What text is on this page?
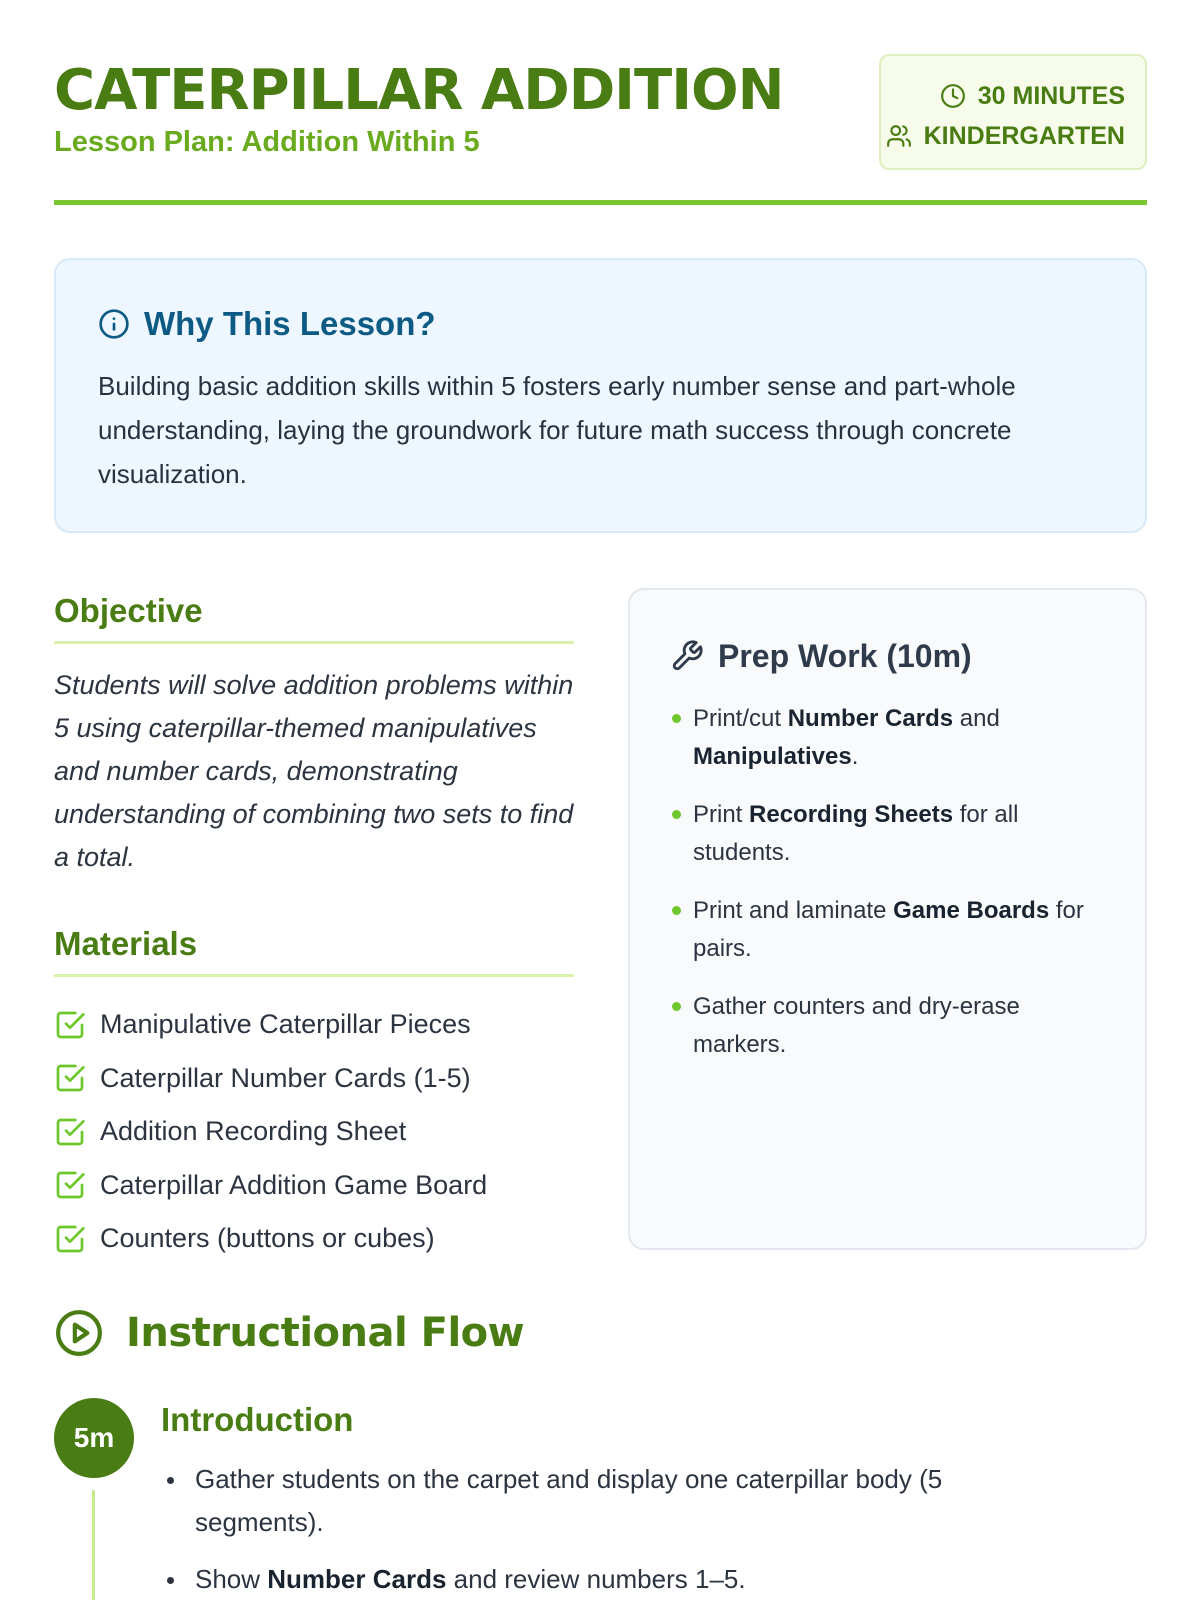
CATERPILLAR ADDITION
Lesson Plan: Addition Within 5
30 MINUTES
KINDERGARTEN
Why This Lesson?

Building basic addition skills within 5 fosters early number sense and part-whole understanding, laying the groundwork for future math success through concrete visualization.

Objective

Students will solve addition problems within 5 using caterpillar-themed manipulatives and number cards, demonstrating understanding of combining two sets to find a total.

Materials
Manipulative Caterpillar Pieces
Caterpillar Number Cards (1-5)
Addition Recording Sheet
Caterpillar Addition Game Board
Counters (buttons or cubes)
Prep Work (10m)
Print/cut Number Cards and Manipulatives.
Print Recording Sheets for all students.
Print and laminate Game Boards for pairs.
Gather counters and dry-erase markers.
Instructional Flow
5m	Introduction
Gather students on the carpet and display one caterpillar body (5 segments).
Show Number Cards and review numbers 1–5.
